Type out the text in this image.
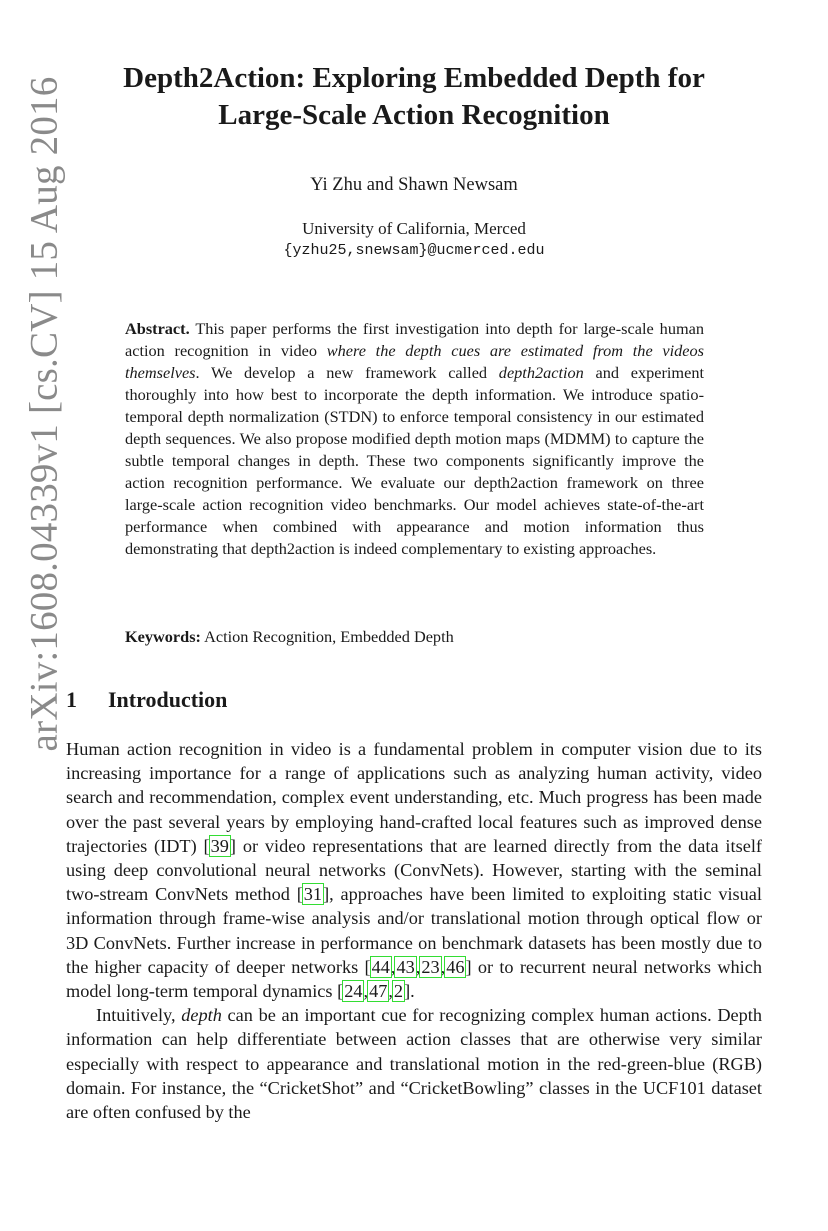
arXiv:1608.04339v1 [cs.CV] 15 Aug 2016	Depth2Action: Exploring Embedded Depth for
Large-Scale Action Recognition
Yi Zhu and Shawn Newsam
University of California, Merced
{yzhu25,snewsam}@ucmerced.edu
Abstract. This paper performs the first investigation into depth for large-scale human action recognition in video where the depth cues are estimated from the videos themselves. We develop a new framework called depth2action and experiment thoroughly into how best to incorporate the depth information. We introduce spatio-temporal depth normalization (STDN) to enforce temporal consistency in our estimated depth sequences. We also propose modified depth motion maps (MDMM) to capture the subtle temporal changes in depth. These two components significantly improve the action recognition performance. We evaluate our depth2action framework on three large-scale action recognition video benchmarks. Our model achieves state-of-the-art performance when combined with appearance and motion information thus demonstrating that depth2action is indeed complementary to existing approaches.
Keywords: Action Recognition, Embedded Depth
1 Introduction

Human action recognition in video is a fundamental problem in computer vision due to its increasing importance for a range of applications such as analyzing human activity, video search and recommendation, complex event understanding, etc. Much progress has been made over the past several years by employing hand-crafted local features such as improved dense trajectories (IDT) [39] or video representations that are learned directly from the data itself using deep convolutional neural networks (ConvNets). However, starting with the seminal two-stream ConvNets method [31], approaches have been limited to exploiting static visual information through frame-wise analysis and/or translational motion through optical flow or 3D ConvNets. Further increase in performance on benchmark datasets has been mostly due to the higher capacity of deeper networks [44,43,23,46] or to recurrent neural networks which model long-term temporal dynamics [24,47,2].

Intuitively, depth can be an important cue for recognizing complex human actions. Depth information can help differentiate between action classes that are otherwise very similar especially with respect to appearance and translational motion in the red-green-blue (RGB) domain. For instance, the “CricketShot” and “CricketBowling” classes in the UCF101 dataset are often confused by the
